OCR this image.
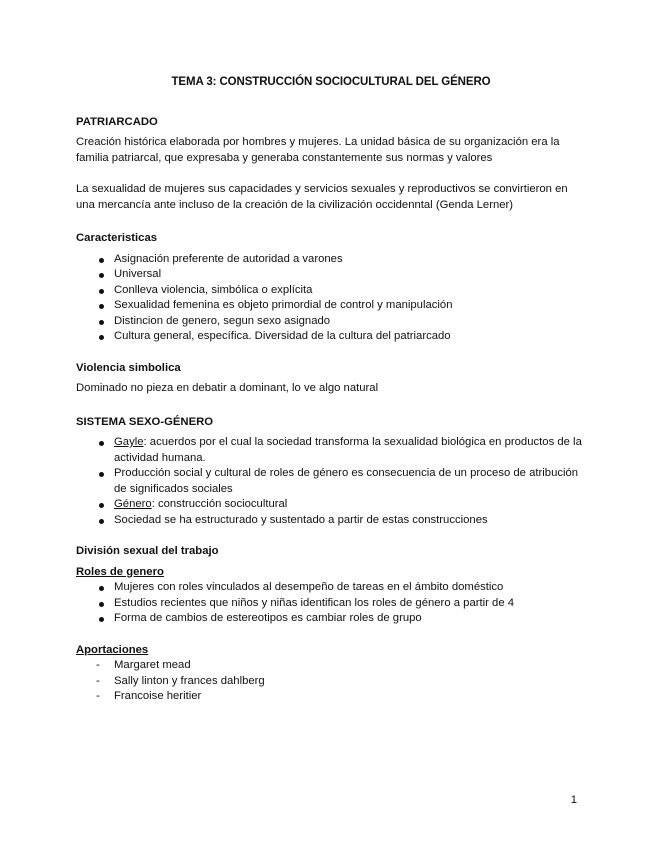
TEMA 3: CONSTRUCCIÓN SOCIOCULTURAL DEL GÉNERO
PATRIARCADO
Creación histórica elaborada por hombres y mujeres. La unidad básica de su organización era la familia patriarcal, que expresaba y generaba constantemente sus normas y valores
La sexualidad de mujeres sus capacidades y servicios sexuales y reproductivos se convirtieron en una mercancía ante incluso de la creación de la civilización occidenntal (Genda Lerner)
Caracteristicas
Asignación preferente de autoridad a varones
Universal
Conlleva violencia, simbólica o explícita
Sexualidad femenina es objeto primordial de control y manipulación
Distincion de genero, segun sexo asignado
Cultura general, específica. Diversidad de la cultura del patriarcado
Violencia simbolica
Dominado no pieza en debatir a dominant, lo ve algo natural
SISTEMA SEXO-GÉNERO
Gayle: acuerdos por el cual la sociedad transforma la sexualidad biológica en productos de la actividad humana.
Producción social y cultural de roles de género es consecuencia de un proceso de atribución de significados sociales
Género: construcción sociocultural
Sociedad se ha estructurado y sustentado a partir de estas construcciones
División sexual del trabajo
Roles de genero
Mujeres con roles vinculados al desempeño de tareas en el ámbito doméstico
Estudios recientes que niños y niñas identifican los roles de género a partir de 4
Forma de cambios de estereotipos es cambiar roles de grupo
Aportaciones
- Margaret mead
- Sally linton y frances dahlberg
- Francoise heritier
1
